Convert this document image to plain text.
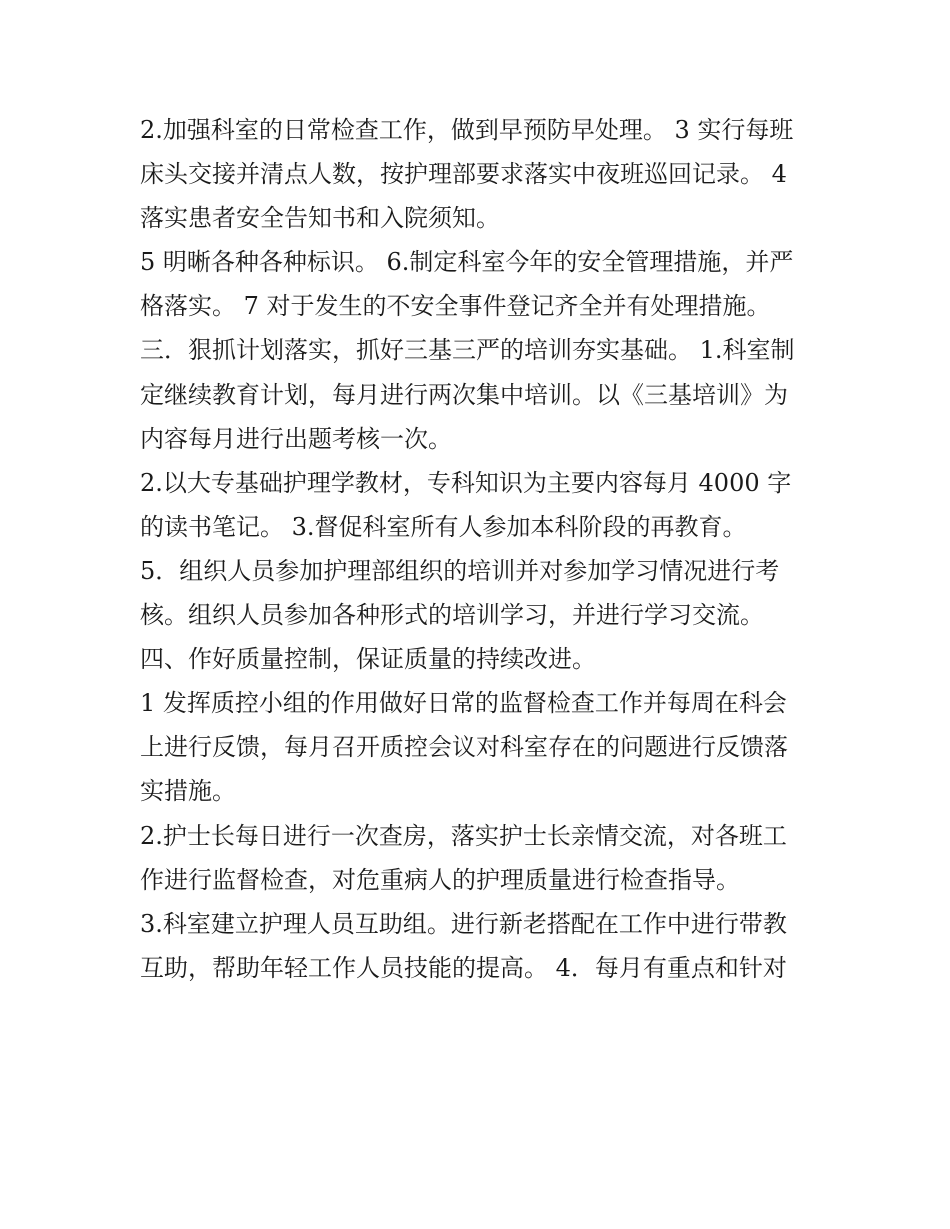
2.加强科室的日常检查工作，做到早预防早处理。 3 实行每班
床头交接并清点人数，按护理部要求落实中夜班巡回记录。 4
落实患者安全告知书和入院须知。
5 明晰各种各种标识。 6.制定科室今年的安全管理措施，并严
格落实。 7 对于发生的不安全事件登记齐全并有处理措施。
三．狠抓计划落实，抓好三基三严的培训夯实基础。 1.科室制
定继续教育计划，每月进行两次集中培训。以《三基培训》为
内容每月进行出题考核一次。
2.以大专基础护理学教材，专科知识为主要内容每月 4000 字
的读书笔记。 3.督促科室所有人参加本科阶段的再教育。
5．组织人员参加护理部组织的培训并对参加学习情况进行考
核。组织人员参加各种形式的培训学习，并进行学习交流。
四、作好质量控制，保证质量的持续改进。
1 发挥质控小组的作用做好日常的监督检查工作并每周在科会
上进行反馈，每月召开质控会议对科室存在的问题进行反馈落
实措施。
2.护士长每日进行一次查房，落实护士长亲情交流，对各班工
作进行监督检查，对危重病人的护理质量进行检查指导。
3.科室建立护理人员互助组。进行新老搭配在工作中进行带教
互助，帮助年轻工作人员技能的提高。 4．每月有重点和针对
